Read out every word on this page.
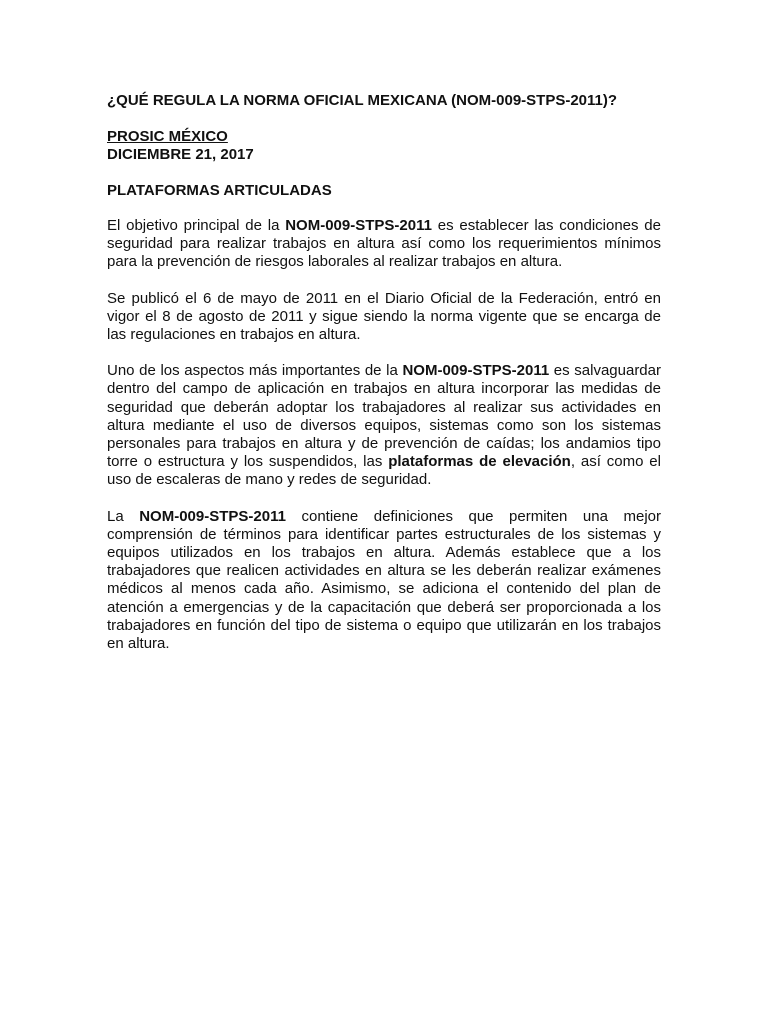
¿QUÉ REGULA LA NORMA OFICIAL MEXICANA (NOM-009-STPS-2011)?
PROSIC MÉXICO
DICIEMBRE 21, 2017
PLATAFORMAS ARTICULADAS

El objetivo principal de la NOM-009-STPS-2011 es establecer las condiciones de seguridad para realizar trabajos en altura así como los requerimientos mínimos para la prevención de riesgos laborales al realizar trabajos en altura.

Se publicó el 6 de mayo de 2011 en el Diario Oficial de la Federación, entró en vigor el 8 de agosto de 2011 y sigue siendo la norma vigente que se encarga de las regulaciones en trabajos en altura.

Uno de los aspectos más importantes de la NOM-009-STPS-2011 es salvaguardar dentro del campo de aplicación en trabajos en altura incorporar las medidas de seguridad que deberán adoptar los trabajadores al realizar sus actividades en altura mediante el uso de diversos equipos, sistemas como son los sistemas personales para trabajos en altura y de prevención de caídas; los andamios tipo torre o estructura y los suspendidos, las plataformas de elevación, así como el uso de escaleras de mano y redes de seguridad.

La NOM-009-STPS-2011 contiene definiciones que permiten una mejor comprensión de términos para identificar partes estructurales de los sistemas y equipos utilizados en los trabajos en altura. Además establece que a los trabajadores que realicen actividades en altura se les deberán realizar exámenes médicos al menos cada año. Asimismo, se adiciona el contenido del plan de atención a emergencias y de la capacitación que deberá ser proporcionada a los trabajadores en función del tipo de sistema o equipo que utilizarán en los trabajos en altura.
